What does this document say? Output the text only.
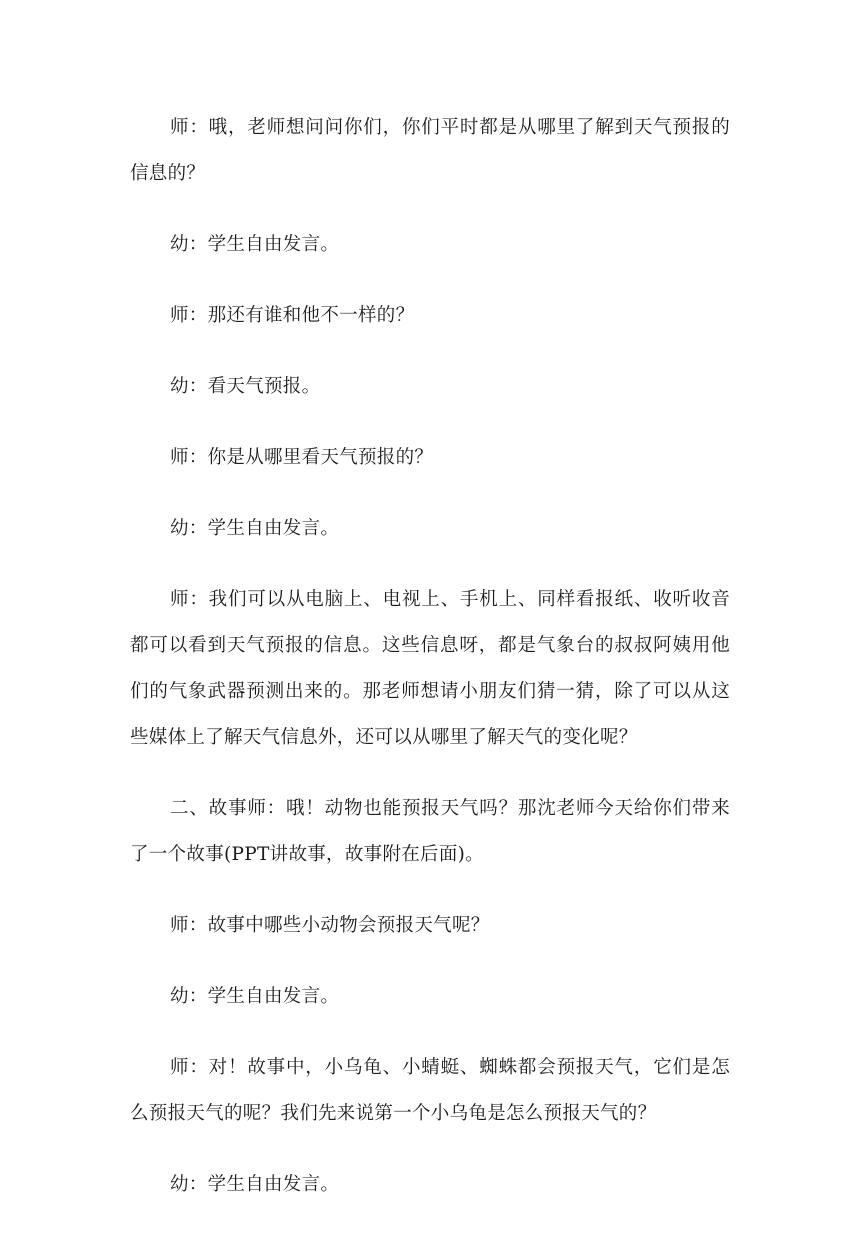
师：哦，老师想问问你们，你们平时都是从哪里了解到天气预报的信息的？

幼：学生自由发言。

师：那还有谁和他不一样的？

幼：看天气预报。

师：你是从哪里看天气预报的？

幼：学生自由发言。

师：我们可以从电脑上、电视上、手机上、同样看报纸、收听收音都可以看到天气预报的信息。这些信息呀，都是气象台的叔叔阿姨用他们的气象武器预测出来的。那老师想请小朋友们猜一猜，除了可以从这些媒体上了解天气信息外，还可以从哪里了解天气的变化呢？

二、故事师：哦！动物也能预报天气吗？那沈老师今天给你们带来了一个故事(PPT讲故事，故事附在后面)。

师：故事中哪些小动物会预报天气呢？

幼：学生自由发言。

师：对！故事中，小乌龟、小蜻蜓、蜘蛛都会预报天气，它们是怎么预报天气的呢？我们先来说第一个小乌龟是怎么预报天气的？

幼：学生自由发言。
